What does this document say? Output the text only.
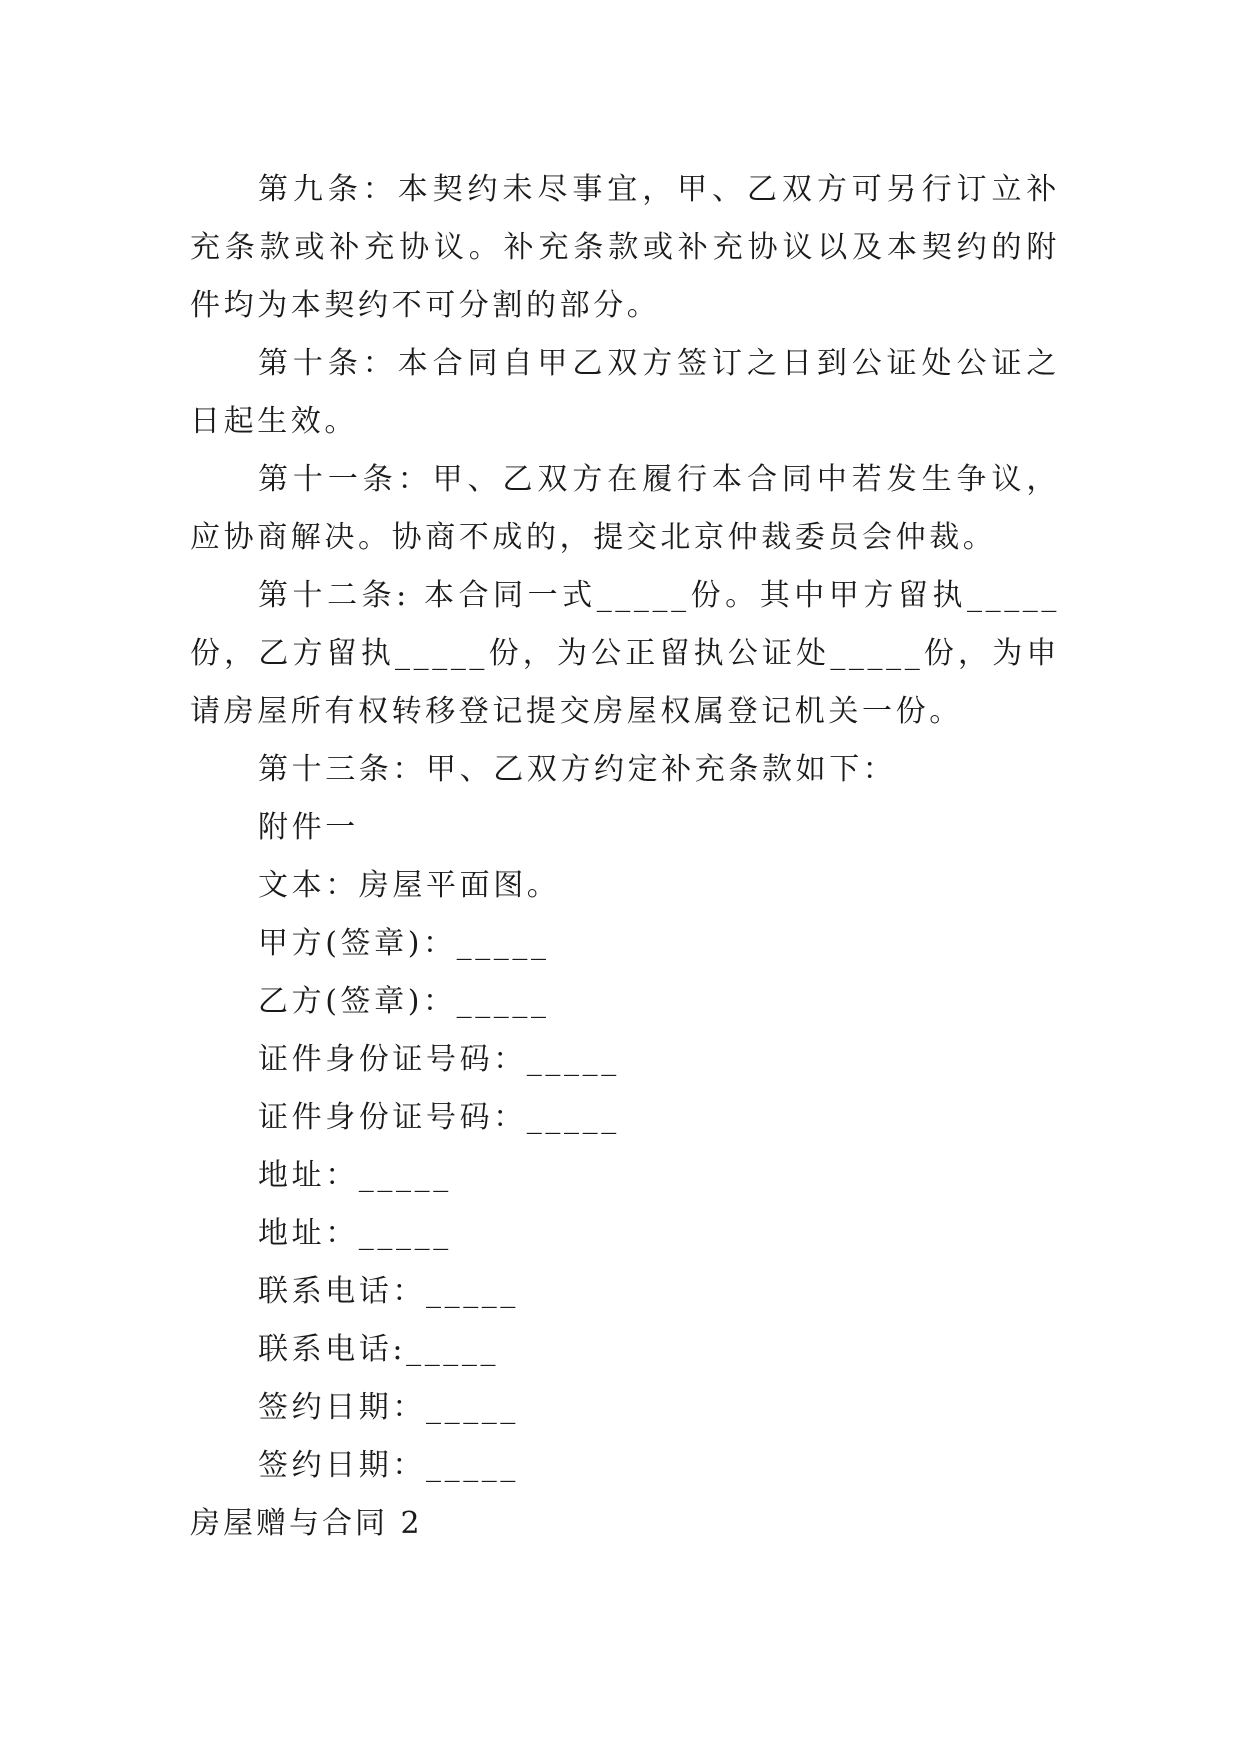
第九条：本契约未尽事宜，甲、乙双方可另行订立补充条款或补充协议。补充条款或补充协议以及本契约的附件均为本契约不可分割的部分。

第十条：本合同自甲乙双方签订之日到公证处公证之日起生效。

第十一条：甲、乙双方在履行本合同中若发生争议，应协商解决。协商不成的，提交北京仲裁委员会仲裁。

第十二条: 本合同一式_____份。其中甲方留执_____份，乙方留执_____份，为公正留执公证处_____份，为申请房屋所有权转移登记提交房屋权属登记机关一份。

第十三条：甲、乙双方约定补充条款如下：

附件一

文本：房屋平面图。

甲方(签章)：_____

乙方(签章)：_____

证件身份证号码：_____

证件身份证号码：_____

地址：_____

地址：_____

联系电话：_____

联系电话:_____

签约日期：_____

签约日期：_____

房屋赠与合同 2
